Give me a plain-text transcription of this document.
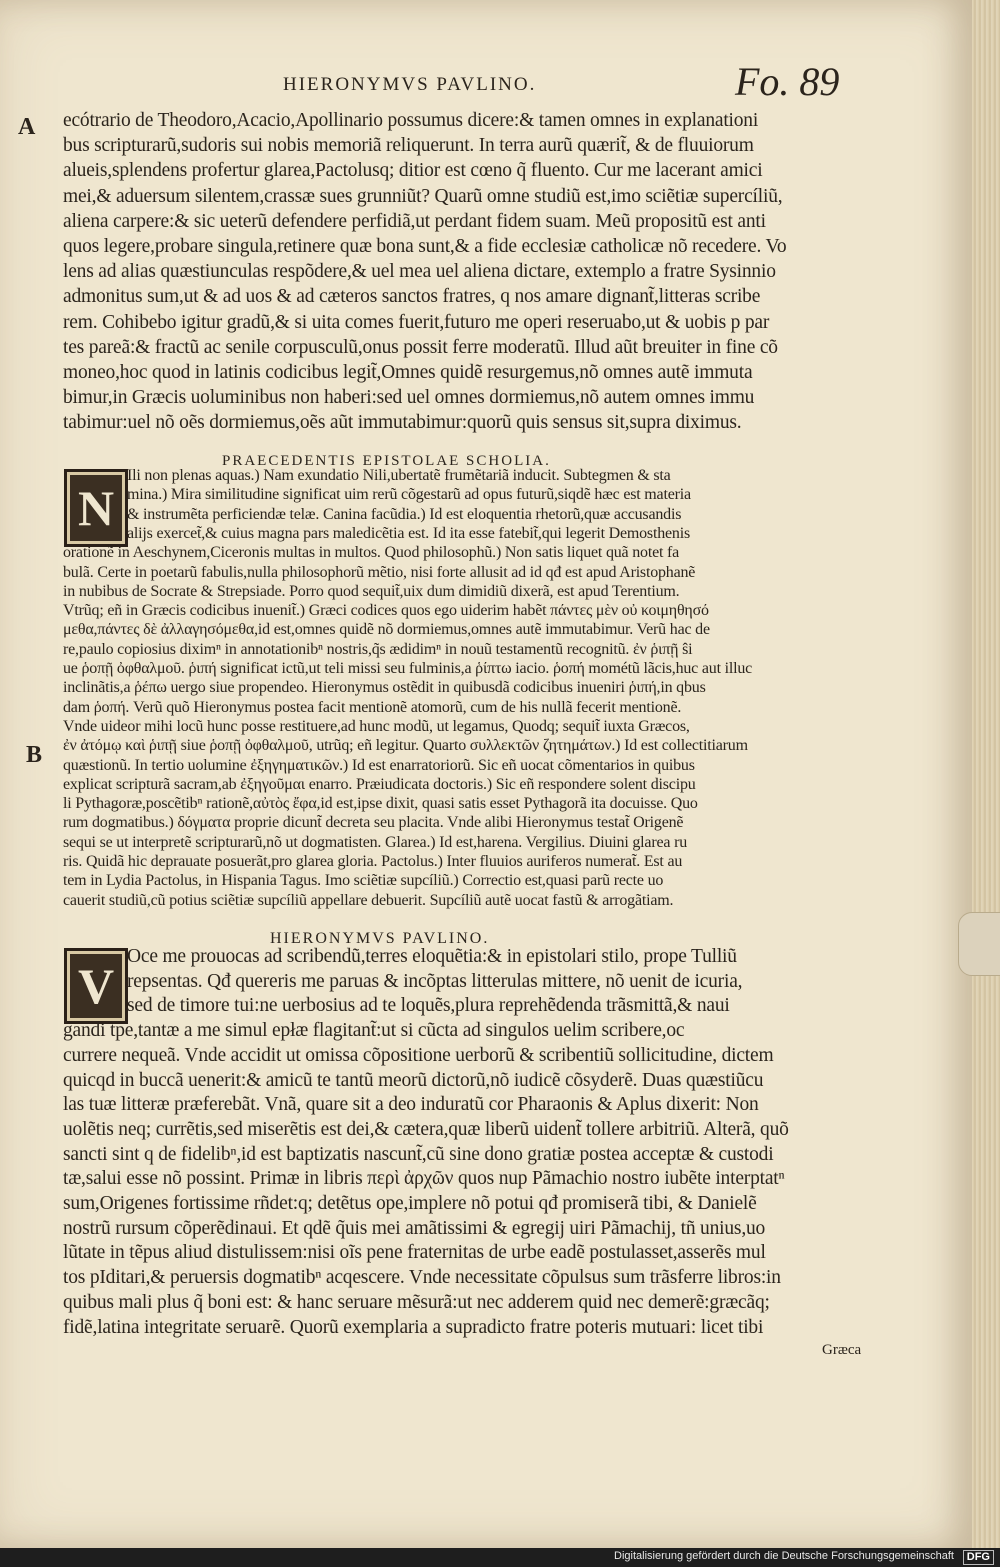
HIERONYMVS PAVLINO.	Fo. 89
A
B
ecótrario de Theodoro,Acacio,Apollinario possumus dicere:& tamen omnes in explanationi
bus scripturarũ,sudoris sui nobis memoriã reliquerunt. In terra aurũ quærit̃, & de fluuiorum
alueis,splendens profertur glarea,Pactolusq; ditior est cœno q̃ fluento. Cur me lacerant amici
mei,& aduersum silentem,crassæ sues grunniũt? Quarũ omne studiũ est,imo sciẽtiæ supercíliũ,
aliena carpere:& sic ueterũ defendere perfidiã,ut perdant fidem suam. Meũ propositũ est anti
quos legere,probare singula,retinere quæ bona sunt,& a fide ecclesiæ catholicæ nõ recedere. Vo
lens ad alias quæstiunculas respõdere,& uel mea uel aliena dictare, extemplo a fratre Sysinnio
admonitus sum,ut & ad uos & ad cæteros sanctos fratres, q nos amare dignant̃,litteras scribe
rem. Cohibebo igitur gradũ,& si uita comes fuerit,futuro me operi reseruabo,ut & uobis p par
tes pareã:& fractũ ac senile corpusculũ,onus possit ferre moderatũ. Illud aũt breuiter in fine cõ
moneo,hoc quod in latinis codicibus legit̃,Omnes quidẽ resurgemus,nõ omnes autẽ immuta
bimur,in Græcis uoluminibus non haberi:sed uel omnes dormiemus,nõ autem omnes immu
tabimur:uel nõ oẽs dormiemus,oẽs aũt immutabimur:quorũ quis sensus sit,supra diximus.
PRAECEDENTIS EPISTOLAE SCHOLIA.
N
Ili non plenas aquas.) Nam exundatio Nili,ubertatẽ frumẽtariã inducit. Subtegmen & sta
mina.) Mira similitudine significat uim rerũ cõgestarũ ad opus futurũ,siqdẽ hæc est materia
& instrumẽta perficiendæ telæ. Canina facũdia.) Id est eloquentia rhetorũ,quæ accusandis
alijs exercet̃,& cuius magna pars maledicẽtia est. Id ita esse fatebit̃,qui legerit Demosthenis
orationẽ in Aeschynem,Ciceronis multas in multos. Quod philosophũ.) Non satis liquet quã notet fa
bulã. Certe in poetarũ fabulis,nulla philosophorũ mẽtio, nisi forte allusit ad id qđ est apud Aristophanẽ
in nubibus de Socrate & Strepsiade. Porro quod sequit̃,uix dum dimidiũ dixerã, est apud Terentium.
Vtrũq; eñ in Græcis codicibus inuenit̃.) Græci codices quos ego uiderim habẽt πάντες μὲν οὐ κοιμηθησό
μεθα,πάντες δὲ ἀλλαγησόμεθα,id est,omnes quidẽ nõ dormiemus,omnes autẽ immutabimur. Verũ hac de
re,paulo copiosius diximⁿ in annotationibⁿ nostris,q̃s ædidimⁿ in nouũ testamentũ recognitũ. ἐν ῥιπῇ ŝi
ue ῥοπῇ ὀφθαλμοῦ. ῥιπή significat ictũ,ut teli missi seu fulminis,a ῥίπτω iacio. ῥοπή mométũ lãcis,huc aut illuc
inclinãtis,a ῥέπω uergo siue propendeo. Hieronymus ostẽdit in quibusdã codicibus inueniri ῥιπή,in qbus
dam ῥοπή. Verũ quõ Hieronymus postea facit mentionẽ atomorũ, cum de his nullã fecerit mentionẽ.
Vnde uideor mihi locũ hunc posse restituere,ad hunc modũ, ut legamus, Quodq; sequit̃ iuxta Græcos,
ἐν ἀτόμῳ καὶ ῥιπῇ siue ῥοπῇ ὀφθαλμοῦ, utrũq; eñ legitur. Quarto συλλεκτῶν ζητημάτων.) Id est collectitiarum
quæstionũ. In tertio uolumine ἐξηγηματικῶν.) Id est enarratoriorũ. Sic eñ uocat cõmentarios in quibus
explicat scripturã sacram,ab ἐξηγοῦμαι enarro. Præiudicata doctoris.) Sic eñ respondere solent discipu
li Pythagoræ,poscẽtibⁿ rationẽ,αὐτὸς ἔφα,id est,ipse dixit, quasi satis esset Pythagorã ita docuisse. Quo
rum dogmatibus.) δόγματα proprie dicunt̃ decreta seu placita. Vnde alibi Hieronymus testat̃ Origenẽ
sequi se ut interpretẽ scripturarũ,nõ ut dogmatisten. Glarea.) Id est,harena. Vergilius. Diuini glarea ru
ris. Quidã hic deprauate posuerãt,pro glarea gloria. Pactolus.) Inter fluuios auriferos numerat̃. Est au
tem in Lydia Pactolus, in Hispania Tagus. Imo sciẽtiæ supcíliũ.) Correctio est,quasi parũ recte uo
cauerit studiũ,cũ potius sciẽtiæ supcíliũ appellare debuerit. Supcíliũ autẽ uocat fastũ & arrogãtiam.
HIERONYMVS PAVLINO.
V
Oce me prouocas ad scribendũ,terres eloquẽtia:& in epistolari stilo, prope Tulliũ
repsentas. Qđ quereris me paruas & incõptas litterulas mittere, nõ uenit de icuria,
sed de timore tui:ne uerbosius ad te loquẽs,plura reprehẽdenda trãsmittã,& naui
gandi tpe,tantæ a me simul epłæ flagitant̃:ut si cũcta ad singulos uelim scribere,oc
currere nequeã. Vnde accidit ut omissa cõpositione uerborũ & scribentiũ sollicitudine, dictem
quicqd in buccã uenerit:& amicũ te tantũ meorũ dictorũ,nõ iudicẽ cõsyderẽ. Duas quæstiũcu
las tuæ litteræ præferebãt. Vnã, quare sit a deo induratũ cor Pharaonis & Aplus dixerit: Non
uolẽtis neq; currẽtis,sed miserẽtis est dei,& cætera,quæ liberũ uident̃ tollere arbitriũ. Alterã, quõ
sancti sint q de fidelibⁿ,id est baptizatis nascunt̃,cũ sine dono gratiæ postea acceptæ & custodi
tæ,salui esse nõ possint. Primæ in libris περὶ ἀρχῶν quos nup Pãmachio nostro iubẽte interptatⁿ
sum,Origenes fortissime rñdet:q; detẽtus ope,implere nõ potui qđ promiserã tibi, & Danielẽ
nostrũ rursum cõperẽdinaui. Et qdẽ q̃uis mei amãtissimi & egregij uiri Pãmachij, tñ unius,uo
lũtate in tẽpus aliud distulissem:nisi oĩs pene fraternitas de urbe eadẽ postulasset,asserẽs mul
tos pIditari,& peruersis dogmatibⁿ acqescere. Vnde necessitate cõpulsus sum trãsferre libros:in
quibus mali plus q̃ boni est: & hanc seruare mẽsurã:ut nec adderem quid nec demerẽ:græcãq;
fidẽ,latina integritate seruarẽ. Quorũ exemplaria a supradicto fratre poteris mutuari: licet tibi
Græca
Digitalisierung gefördert durch die Deutsche Forschungsgemeinschaft	DFG
